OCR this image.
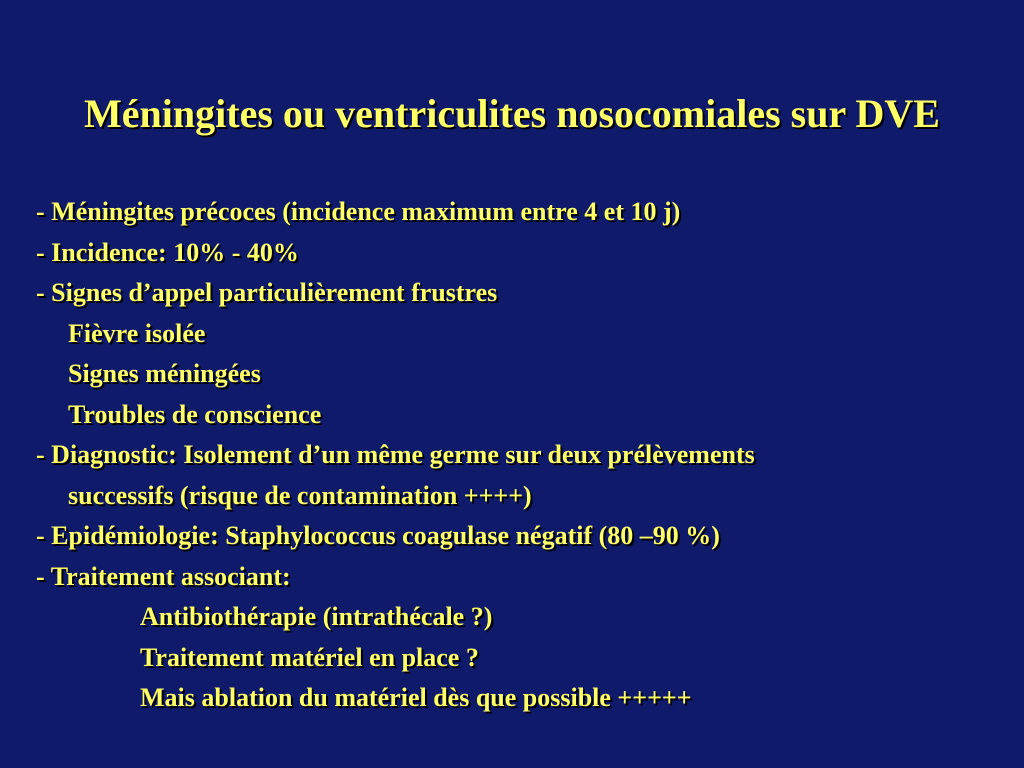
Méningites ou ventriculites nosocomiales sur DVE
- Méningites précoces (incidence maximum entre 4 et 10 j)
- Incidence: 10% - 40%
- Signes d’appel particulièrement frustres
Fièvre isolée
Signes méningées
Troubles de conscience
- Diagnostic: Isolement d’un même germe sur deux prélèvements
successifs (risque de contamination ++++)
- Epidémiologie: Staphylococcus coagulase négatif (80 –90 %)
- Traitement associant:
Antibiothérapie (intrathécale ?)
Traitement matériel en place ?
Mais ablation du matériel dès que possible +++++
